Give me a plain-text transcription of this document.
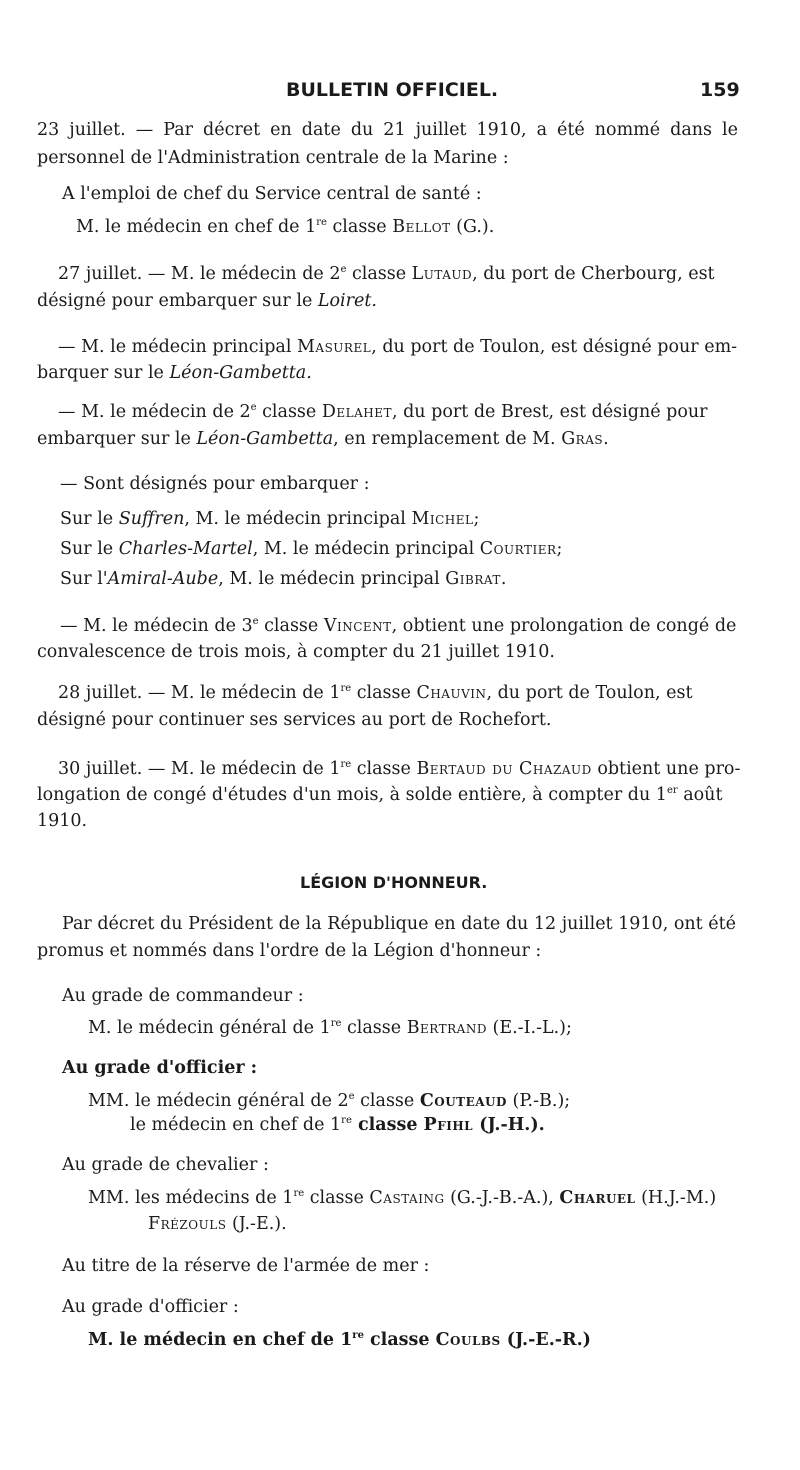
BULLETIN OFFICIEL.	159
23 juillet. — Par décret en date du 21 juillet 1910, a été nommé dans le
personnel de l'Administration centrale de la Marine :
A l'emploi de chef du Service central de santé :
M. le médecin en chef de 1re classe Bellot (G.).
27 juillet. — M. le médecin de 2e classe Lutaud, du port de Cherbourg, est
désigné pour embarquer sur le Loiret.
— M. le médecin principal Masurel, du port de Toulon, est désigné pour em-
barquer sur le Léon-Gambetta.
— M. le médecin de 2e classe Delahet, du port de Brest, est désigné pour
embarquer sur le Léon-Gambetta, en remplacement de M. Gras.
— Sont désignés pour embarquer :
Sur le Suffren, M. le médecin principal Michel;
Sur le Charles-Martel, M. le médecin principal Courtier;
Sur l'Amiral-Aube, M. le médecin principal Gibrat.
— M. le médecin de 3e classe Vincent, obtient une prolongation de congé de
convalescence de trois mois, à compter du 21 juillet 1910.
28 juillet. — M. le médecin de 1re classe Chauvin, du port de Toulon, est
désigné pour continuer ses services au port de Rochefort.
30 juillet. — M. le médecin de 1re classe Bertaud du Chazaud obtient une pro-
longation de congé d'études d'un mois, à solde entière, à compter du 1er août
1910.
LÉGION D'HONNEUR.
Par décret du Président de la République en date du 12 juillet 1910, ont été
promus et nommés dans l'ordre de la Légion d'honneur :
Au grade de commandeur :
M. le médecin général de 1re classe Bertrand (E.-I.-L.);
Au grade d'officier :
MM. le médecin général de 2e classe Couteaud (P.-B.);
le médecin en chef de 1re classe Pfihl (J.-H.).
Au grade de chevalier :
MM. les médecins de 1re classe Castaing (G.-J.-B.-A.), Charuel (H.J.-M.)
Frézouls (J.-E.).
Au titre de la réserve de l'armée de mer :
Au grade d'officier :
M. le médecin en chef de 1re classe Coulbs (J.-E.-R.)
